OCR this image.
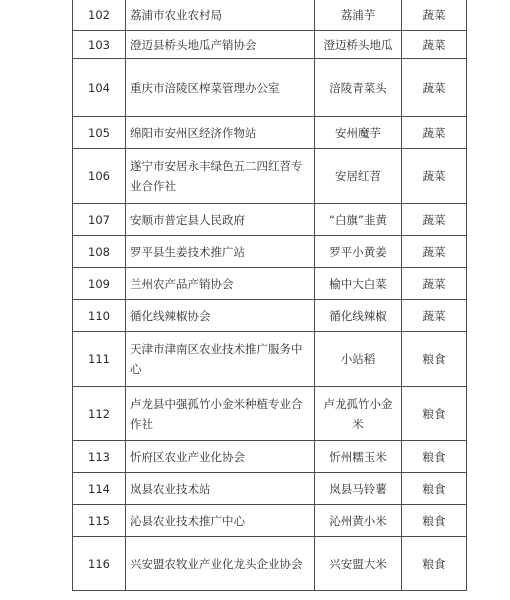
102	荔浦市农业农村局	荔浦芋	蔬菜
103	澄迈县桥头地瓜产销协会	澄迈桥头地瓜	蔬菜
104	重庆市涪陵区榨菜管理办公室	涪陵青菜头	蔬菜
105	绵阳市安州区经济作物站	安州魔芋	蔬菜
106	遂宁市安居永丰绿色五二四红苕专业合作社	安居红苕	蔬菜
107	安顺市普定县人民政府	“白旗”韭黄	蔬菜
108	罗平县生姜技术推广站	罗平小黄姜	蔬菜
109	兰州农产品产销协会	榆中大白菜	蔬菜
110	循化线辣椒协会	循化线辣椒	蔬菜
111	天津市津南区农业技术推广服务中心	小站稻	粮食
112	卢龙县中强孤竹小金米种植专业合作社	卢龙孤竹小金米	粮食
113	忻府区农业产业化协会	忻州糯玉米	粮食
114	岚县农业技术站	岚县马铃薯	粮食
115	沁县农业技术推广中心	沁州黄小米	粮食
116	兴安盟农牧业产业化龙头企业协会	兴安盟大米	粮食
